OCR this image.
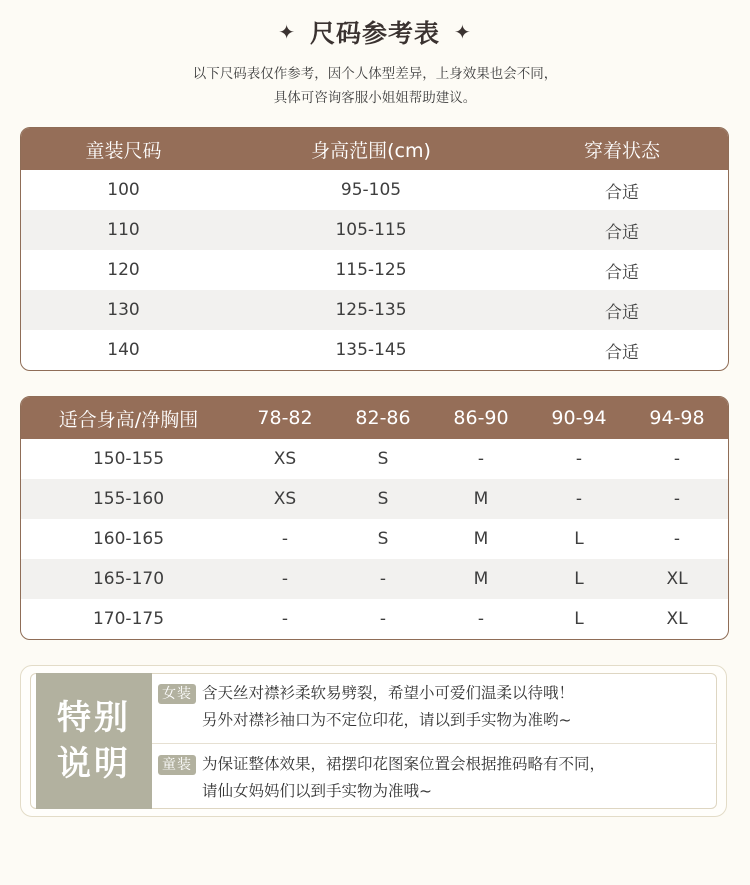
✦ 尺码参考表 ✦
以下尺码表仅作参考，因个人体型差异，上身效果也会不同，
具体可咨询客服小姐姐帮助建议。
童装尺码	身高范围(cm)	穿着状态
100	95-105	合适
110	105-115	合适
120	115-125	合适
130	125-135	合适
140	135-145	合适
适合身高/净胸围	78-82	82-86	86-90	90-94	94-98
150-155	XS	S	-	-	-
155-160	XS	S	M	-	-
160-165	-	S	M	L	-
165-170	-	-	M	L	XL
170-175	-	-	-	L	XL
特别
说明
女装 含天丝对襟衫柔软易劈裂，希望小可爱们温柔以待哦！
另外对襟衫袖口为不定位印花，请以到手实物为准哟~
童装 为保证整体效果，裙摆印花图案位置会根据推码略有不同，
请仙女妈妈们以到手实物为准哦~
